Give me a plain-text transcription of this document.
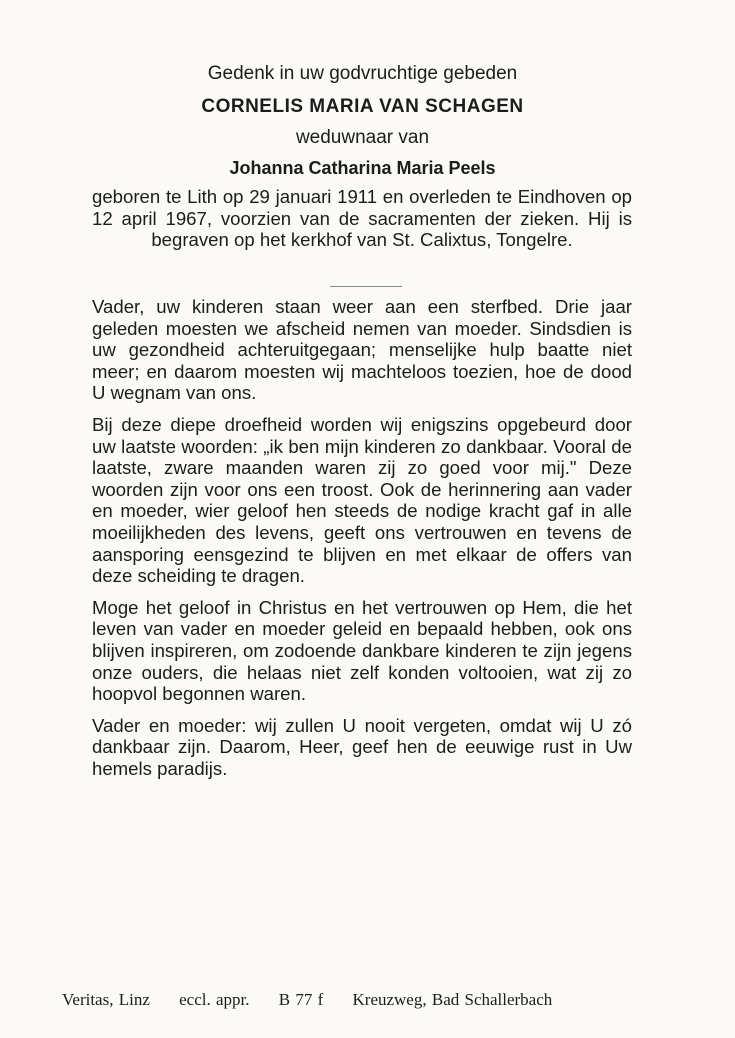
Gedenk in uw godvruchtige gebeden
CORNELIS MARIA VAN SCHAGEN
weduwnaar van
Johanna Catharina Maria Peels
geboren te Lith op 29 januari 1911 en overleden te Eindhoven op 12 april 1967, voorzien van de sacramenten der zieken. Hij is begraven op het kerkhof van St. Calixtus, Tongelre.

Vader, uw kinderen staan weer aan een sterfbed. Drie jaar geleden moesten we afscheid nemen van moeder. Sindsdien is uw gezondheid achteruitgegaan; menselijke hulp baatte niet meer; en daarom moesten wij machteloos toezien, hoe de dood U wegnam van ons.

Bij deze diepe droefheid worden wij enigszins opgebeurd door uw laatste woorden: „ik ben mijn kinderen zo dankbaar. Vooral de laatste, zware maanden waren zij zo goed voor mij." Deze woorden zijn voor ons een troost. Ook de herinnering aan vader en moeder, wier geloof hen steeds de nodige kracht gaf in alle moeilijkheden des levens, geeft ons vertrouwen en tevens de aansporing eensgezind te blijven en met elkaar de offers van deze scheiding te dragen.

Moge het geloof in Christus en het vertrouwen op Hem, die het leven van vader en moeder geleid en bepaald hebben, ook ons blijven inspireren, om zodoende dankbare kinderen te zijn jegens onze ouders, die helaas niet zelf konden voltooien, wat zij zo hoopvol begonnen waren.

Vader en moeder: wij zullen U nooit vergeten, omdat wij U zó dankbaar zijn. Daarom, Heer, geef hen de eeuwige rust in Uw hemels paradijs.

Veritas, Linz eccl. appr. B 77 f Kreuzweg, Bad Schallerbach
